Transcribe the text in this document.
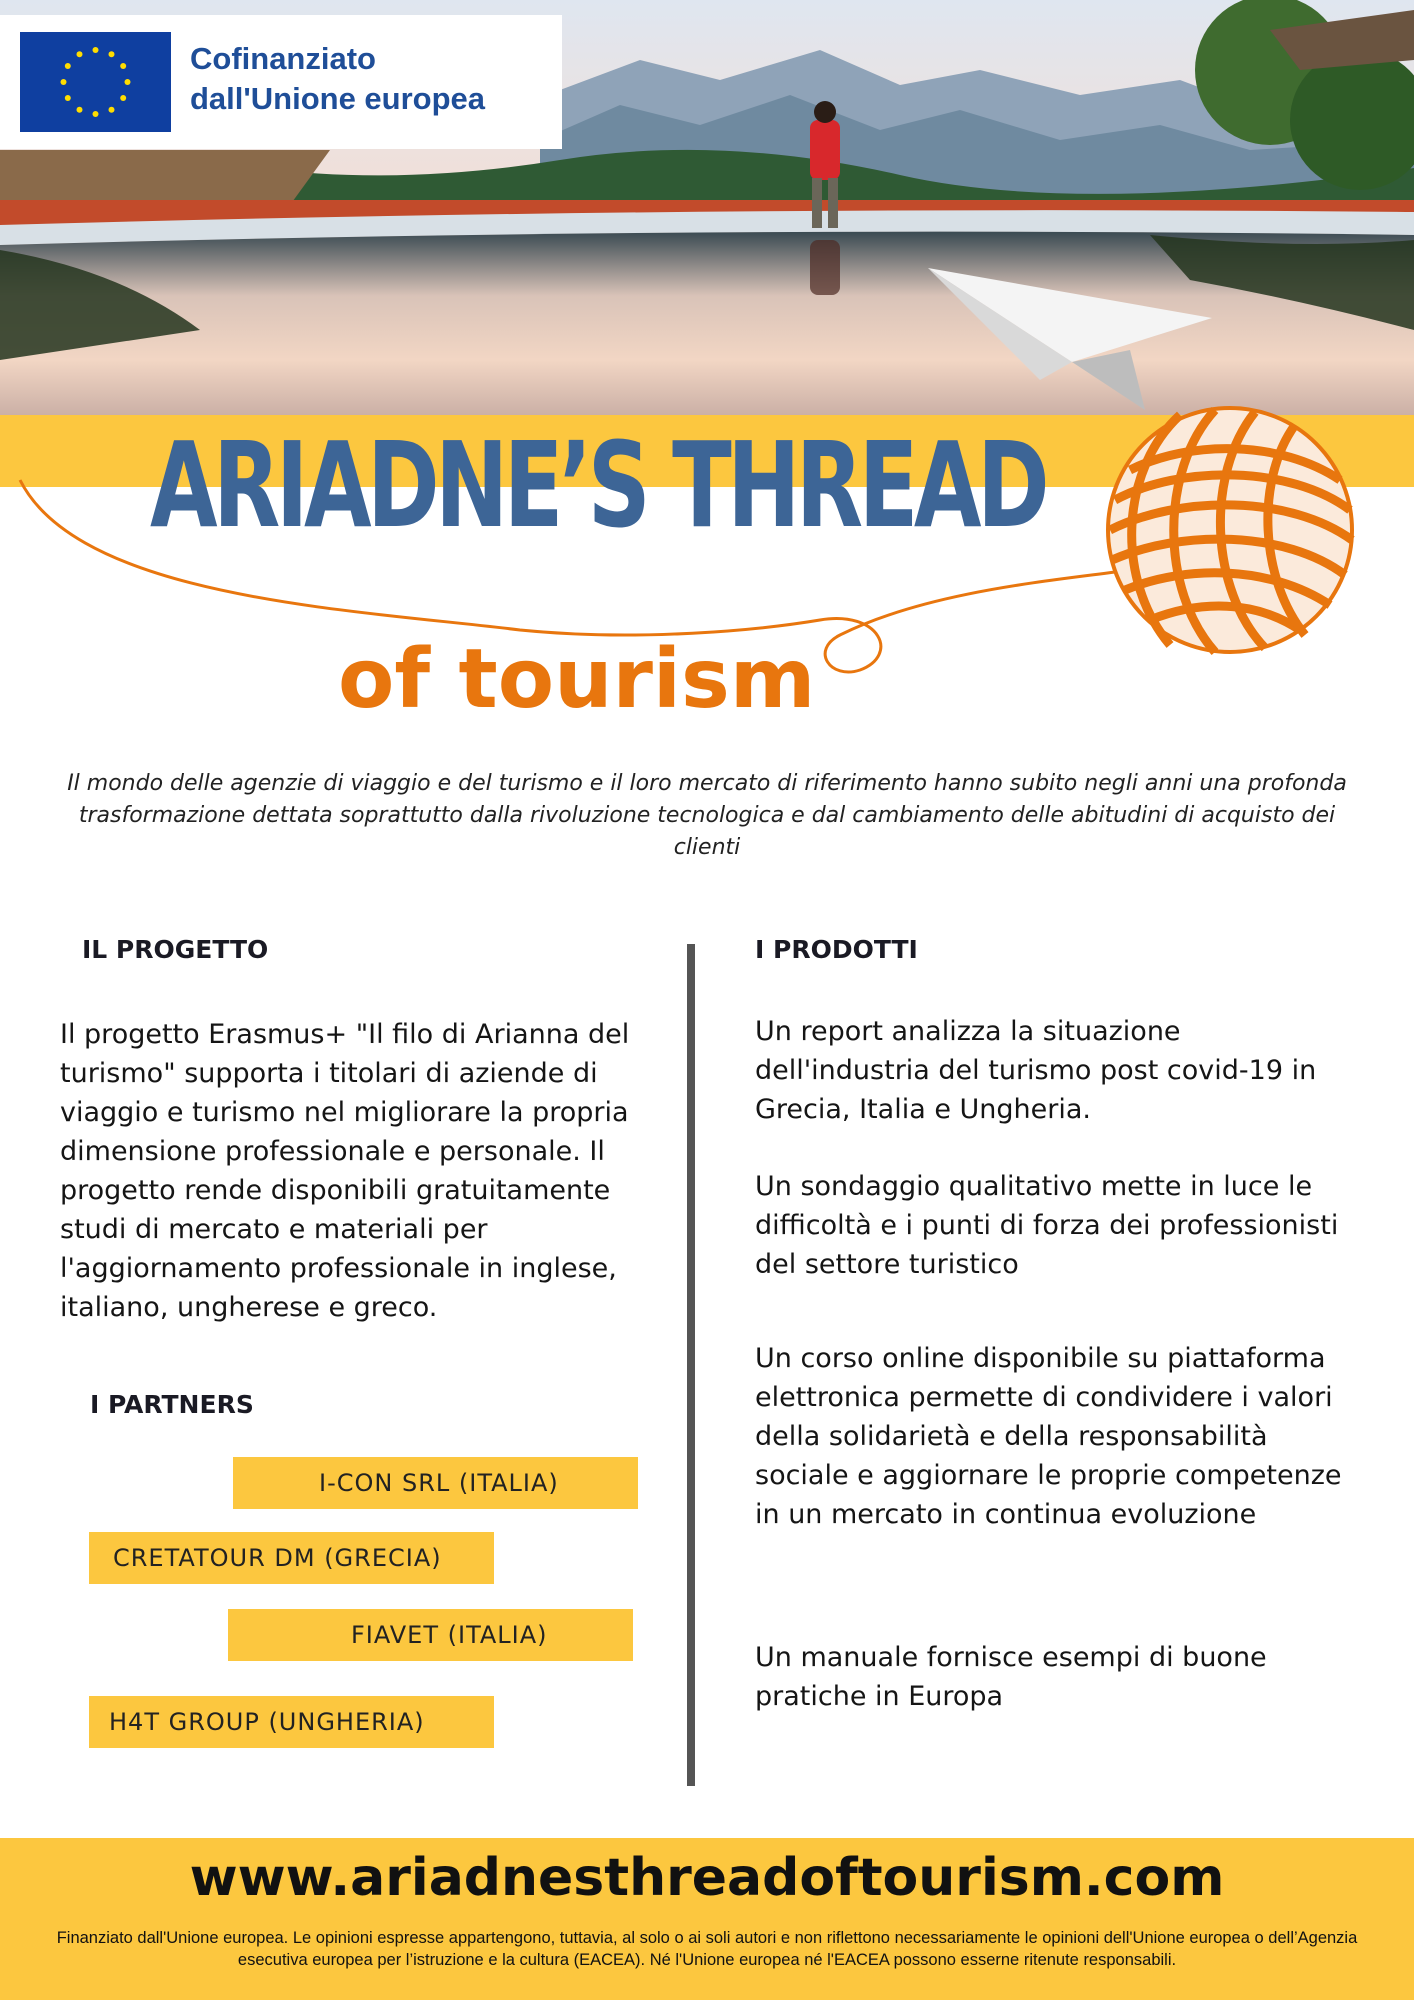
Cofinanziato
dall'Unione europea
ARIADNE’S THREAD
of tourism
Il mondo delle agenzie di viaggio e del turismo e il loro mercato di riferimento hanno subito negli anni una profonda trasformazione dettata soprattutto dalla rivoluzione tecnologica e dal cambiamento delle abitudini di acquisto dei clienti
IL PROGETTO
Il progetto Erasmus+ "Il filo di Arianna del turismo" supporta i titolari di aziende di viaggio e turismo nel migliorare la propria dimensione professionale e personale. Il progetto rende disponibili gratuitamente studi di mercato e materiali per l'aggiornamento professionale in inglese, italiano, ungherese e greco.
I PARTNERS
I-CON SRL (ITALIA)
CRETATOUR DM (GRECIA)
FIAVET (ITALIA)
H4T GROUP (UNGHERIA)
I PRODOTTI
Un report analizza la situazione dell'industria del turismo post covid-19 in Grecia, Italia e Ungheria.
Un sondaggio qualitativo mette in luce le difficoltà e i punti di forza dei professionisti del settore turistico
Un corso online disponibile su piattaforma elettronica permette di condividere i valori della solidarietà e della responsabilità sociale e aggiornare le proprie competenze in un mercato in continua evoluzione
Un manuale fornisce esempi di buone pratiche in Europa
www.ariadnesthreadoftourism.com
Finanziato dall'Unione europea. Le opinioni espresse appartengono, tuttavia, al solo o ai soli autori e non riflettono necessariamente le opinioni dell'Unione europea o dell’Agenzia esecutiva europea per l’istruzione e la cultura (EACEA). Né l'Unione europea né l'EACEA possono esserne ritenute responsabili.
